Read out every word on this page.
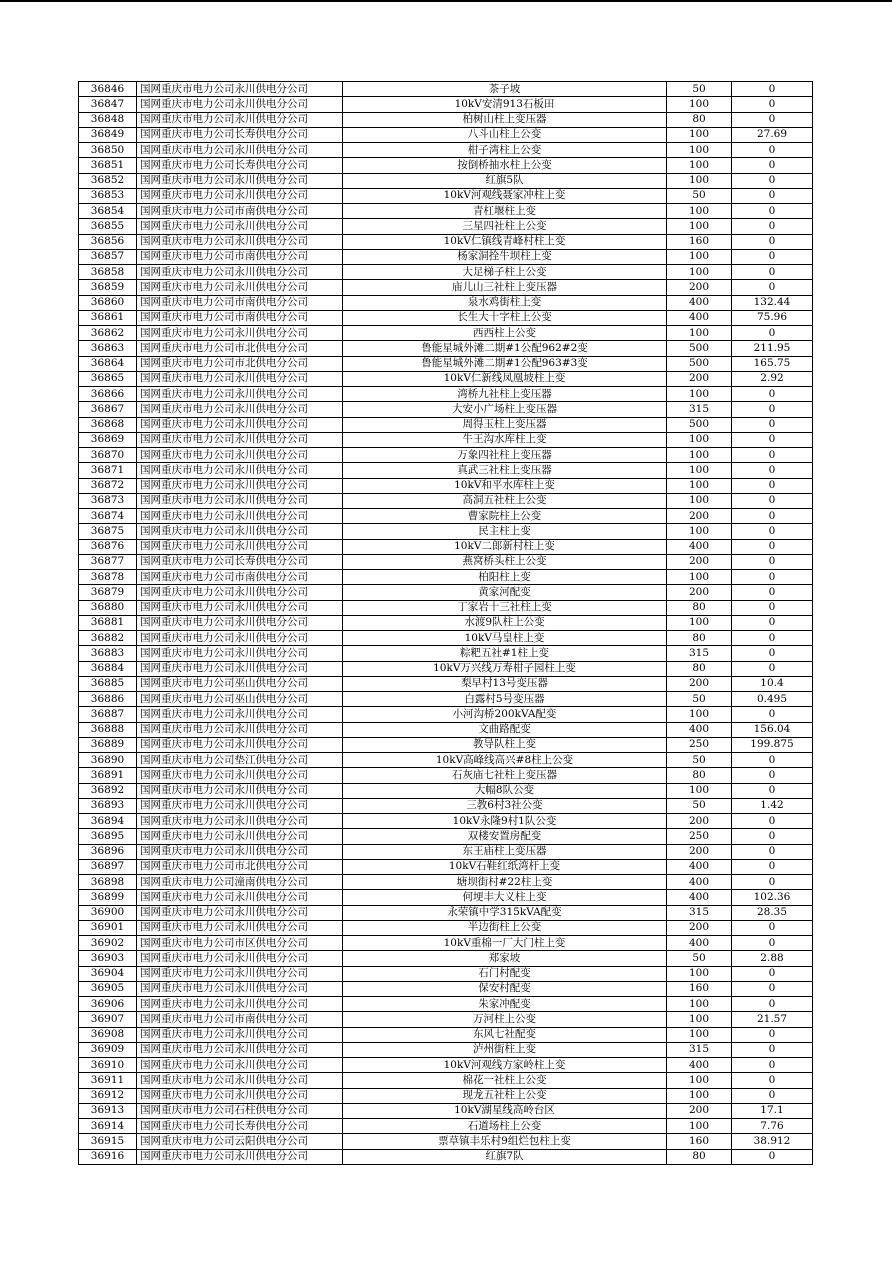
36846	国网重庆市电力公司永川供电分公司	茶子坡	50	0
36847	国网重庆市电力公司永川供电分公司	10kV安清913石板田	100	0
36848	国网重庆市电力公司永川供电分公司	柏树山柱上变压器	80	0
36849	国网重庆市电力公司长寿供电分公司	八斗山柱上公变	100	27.69
36850	国网重庆市电力公司永川供电分公司	柑子湾柱上公变	100	0
36851	国网重庆市电力公司长寿供电分公司	按倒桥抽水柱上公变	100	0
36852	国网重庆市电力公司永川供电分公司	红旗5队	100	0
36853	国网重庆市电力公司永川供电分公司	10kV河观线聂家冲柱上变	50	0
36854	国网重庆市电力公司市南供电分公司	青杠堰柱上变	100	0
36855	国网重庆市电力公司永川供电分公司	三星四社柱上公变	100	0
36856	国网重庆市电力公司永川供电分公司	10kV仁镇线青峰村柱上变	160	0
36857	国网重庆市电力公司市南供电分公司	杨家洞拴牛坝柱上变	100	0
36858	国网重庆市电力公司永川供电分公司	大足梯子柱上公变	100	0
36859	国网重庆市电力公司永川供电分公司	庙儿山三社柱上变压器	200	0
36860	国网重庆市电力公司市南供电分公司	泉水鸡街柱上变	400	132.44
36861	国网重庆市电力公司市南供电分公司	长生大十字柱上公变	400	75.96
36862	国网重庆市电力公司永川供电分公司	西西柱上公变	100	0
36863	国网重庆市电力公司市北供电分公司	鲁能星城外滩二期#1公配962#2变	500	211.95
36864	国网重庆市电力公司市北供电分公司	鲁能星城外滩二期#1公配963#3变	500	165.75
36865	国网重庆市电力公司永川供电分公司	10kV仁新线凤凰坡柱上变	200	2.92
36866	国网重庆市电力公司永川供电分公司	湾桥九社柱上变压器	100	0
36867	国网重庆市电力公司永川供电分公司	大安小广场柱上变压器	315	0
36868	国网重庆市电力公司永川供电分公司	周得玉柱上变压器	500	0
36869	国网重庆市电力公司永川供电分公司	牛王沟水库柱上变	100	0
36870	国网重庆市电力公司永川供电分公司	万象四社柱上变压器	100	0
36871	国网重庆市电力公司永川供电分公司	真武三社柱上变压器	100	0
36872	国网重庆市电力公司永川供电分公司	10kV和平水库柱上变	100	0
36873	国网重庆市电力公司永川供电分公司	高洞五社柱上公变	100	0
36874	国网重庆市电力公司永川供电分公司	曹家院柱上公变	200	0
36875	国网重庆市电力公司永川供电分公司	民主柱上变	100	0
36876	国网重庆市电力公司永川供电分公司	10kV二郎新村柱上变	400	0
36877	国网重庆市电力公司长寿供电分公司	燕窝桥头柱上公变	200	0
36878	国网重庆市电力公司市南供电分公司	柏阳柱上变	100	0
36879	国网重庆市电力公司永川供电分公司	黄家河配变	200	0
36880	国网重庆市电力公司永川供电分公司	丁家岩十三社柱上变	80	0
36881	国网重庆市电力公司永川供电分公司	水渡9队柱上公变	100	0
36882	国网重庆市电力公司永川供电分公司	10kV马皇柱上变	80	0
36883	国网重庆市电力公司永川供电分公司	粽粑五社#1柱上变	315	0
36884	国网重庆市电力公司永川供电分公司	10kV万兴线万寿柑子园柱上变	80	0
36885	国网重庆市电力公司巫山供电分公司	梨早村13号变压器	200	10.4
36886	国网重庆市电力公司巫山供电分公司	白露村5号变压器	50	0.495
36887	国网重庆市电力公司永川供电分公司	小河沟桥200kVA配变	100	0
36888	国网重庆市电力公司永川供电分公司	文曲路配变	400	156.04
36889	国网重庆市电力公司永川供电分公司	教导队柱上变	250	199.875
36890	国网重庆市电力公司垫江供电分公司	10kV高峰线高兴#8柱上公变	50	0
36891	国网重庆市电力公司永川供电分公司	石灰庙七社柱上变压器	80	0
36892	国网重庆市电力公司永川供电分公司	大幅8队公变	100	0
36893	国网重庆市电力公司永川供电分公司	三教6村3社公变	50	1.42
36894	国网重庆市电力公司永川供电分公司	10kV永隆9村1队公变	200	0
36895	国网重庆市电力公司永川供电分公司	双楼安置房配变	250	0
36896	国网重庆市电力公司永川供电分公司	东王庙柱上变压器	200	0
36897	国网重庆市电力公司市北供电分公司	10kV石鞋红纸湾杆上变	400	0
36898	国网重庆市电力公司潼南供电分公司	塘坝街村#22柱上变	400	0
36899	国网重庆市电力公司永川供电分公司	何埂丰大义柱上变	400	102.36
36900	国网重庆市电力公司永川供电分公司	永荣镇中学315kVA配变	315	28.35
36901	国网重庆市电力公司永川供电分公司	半边街柱上公变	200	0
36902	国网重庆市电力公司市区供电分公司	10kV重棉一厂大门柱上变	400	0
36903	国网重庆市电力公司永川供电分公司	郑家坡	50	2.88
36904	国网重庆市电力公司永川供电分公司	石门村配变	100	0
36905	国网重庆市电力公司永川供电分公司	保安村配变	160	0
36906	国网重庆市电力公司永川供电分公司	朱家冲配变	100	0
36907	国网重庆市电力公司市南供电分公司	万河柱上公变	100	21.57
36908	国网重庆市电力公司永川供电分公司	东风七社配变	100	0
36909	国网重庆市电力公司永川供电分公司	泸州街柱上变	315	0
36910	国网重庆市电力公司永川供电分公司	10kV河观线方家岭柱上变	400	0
36911	国网重庆市电力公司永川供电分公司	棉花一社柱上公变	100	0
36912	国网重庆市电力公司永川供电分公司	现龙五社柱上公变	100	0
36913	国网重庆市电力公司石柱供电分公司	10kV湖星线高岭台区	200	17.1
36914	国网重庆市电力公司长寿供电分公司	石道场柱上公变	100	7.76
36915	国网重庆市电力公司云阳供电分公司	票草镇丰乐村9组烂包柱上变	160	38.912
36916	国网重庆市电力公司永川供电分公司	红旗7队	80	0
